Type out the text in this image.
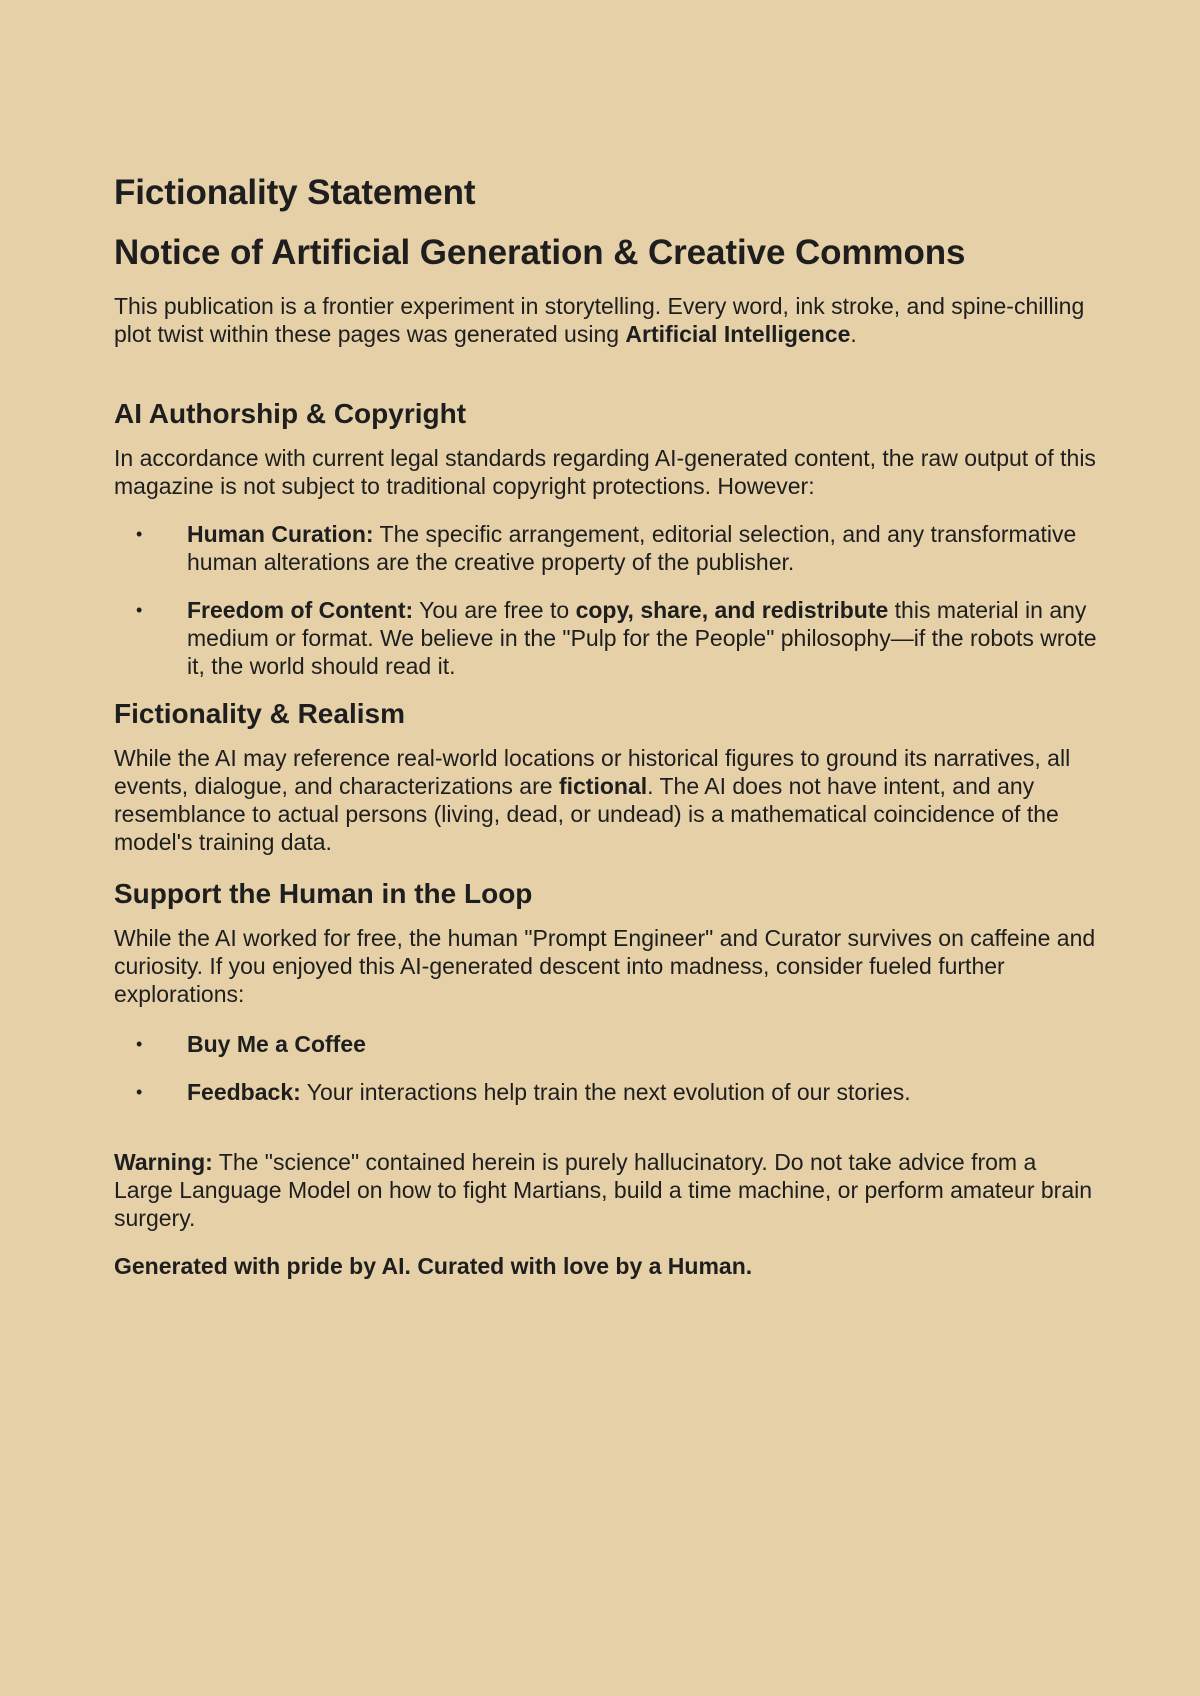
Fictionality Statement
Notice of Artificial Generation & Creative Commons

This publication is a frontier experiment in storytelling. Every word, ink stroke, and spine-chilling plot twist within these pages was generated using Artificial Intelligence.

AI Authorship & Copyright

In accordance with current legal standards regarding AI-generated content, the raw output of this magazine is not subject to traditional copyright protections. However:

• Human Curation: The specific arrangement, editorial selection, and any transformative human alterations are the creative property of the publisher.
• Freedom of Content: You are free to copy, share, and redistribute this material in any medium or format. We believe in the "Pulp for the People" philosophy—if the robots wrote it, the world should read it.
Fictionality & Realism

While the AI may reference real-world locations or historical figures to ground its narratives, all events, dialogue, and characterizations are fictional. The AI does not have intent, and any resemblance to actual persons (living, dead, or undead) is a mathematical coincidence of the model's training data.

Support the Human in the Loop

While the AI worked for free, the human "Prompt Engineer" and Curator survives on caffeine and curiosity. If you enjoyed this AI-generated descent into madness, consider fueled further explorations:

• Buy Me a Coffee
• Feedback: Your interactions help train the next evolution of our stories.

Warning: The "science" contained herein is purely hallucinatory. Do not take advice from a Large Language Model on how to fight Martians, build a time machine, or perform amateur brain surgery.

Generated with pride by AI. Curated with love by a Human.
